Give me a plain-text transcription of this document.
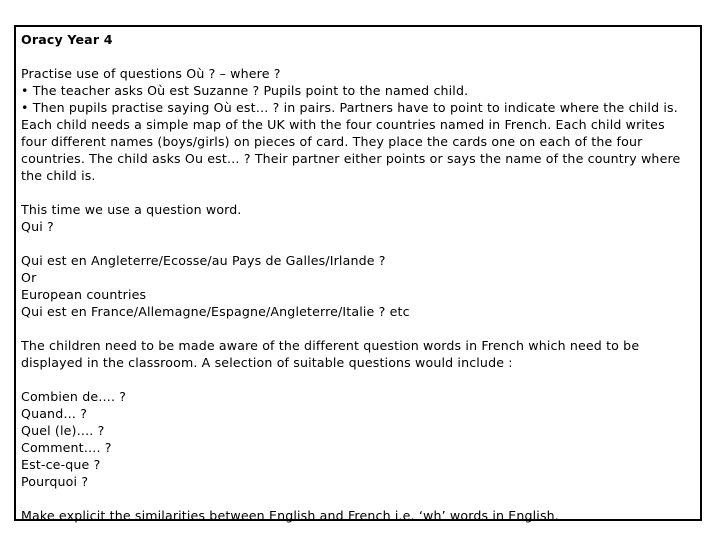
Oracy Year 4

Practise use of questions Où ? – where ?

• The teacher asks Où est Suzanne ? Pupils point to the named child.

• Then pupils practise saying Où est… ? in pairs. Partners have to point to indicate where the child is.

Each child needs a simple map of the UK with the four countries named in French. Each child writes

four different names (boys/girls) on pieces of card. They place the cards one on each of the four

countries. The child asks Ou est… ? Their partner either points or says the name of the country where

the child is.

This time we use a question word.

Qui ?

Qui est en Angleterre/Ecosse/au Pays de Galles/Irlande ?

Or

European countries

Qui est en France/Allemagne/Espagne/Angleterre/Italie ? etc

The children need to be made aware of the different question words in French which need to be

displayed in the classroom. A selection of suitable questions would include :

Combien de…. ?

Quand… ?

Quel (le)…. ?

Comment…. ?

Est-ce-que ?

Pourquoi ?

Make explicit the similarities between English and French i.e. ‘wh’ words in English.
